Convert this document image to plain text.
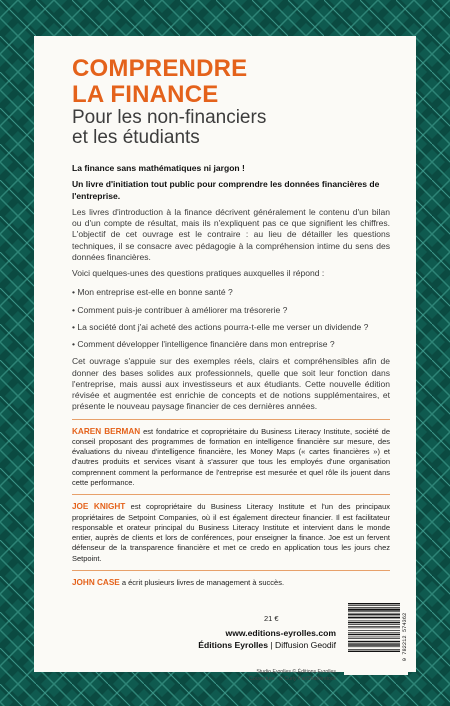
COMPRENDRE
LA FINANCE
Pour les non-financiers
et les étudiants

La finance sans mathématiques ni jargon !

Un livre d'initiation tout public pour comprendre les données financières de l'entreprise.

Les livres d'introduction à la finance décrivent généralement le contenu d'un bilan ou d'un compte de résultat, mais ils n'expliquent pas ce que signifient les chiffres. L'objectif de cet ouvrage est le contraire : au lieu de détailler les questions techniques, il se consacre avec pédagogie à la compréhension intime du sens des données financières.

Voici quelques-unes des questions pratiques auxquelles il répond :

• Mon entreprise est-elle en bonne santé ?

• Comment puis-je contribuer à améliorer ma trésorerie ?

• La société dont j'ai acheté des actions pourra-t-elle me verser un dividende ?

• Comment développer l'intelligence financière dans mon entreprise ?

Cet ouvrage s'appuie sur des exemples réels, clairs et compréhensibles afin de donner des bases solides aux professionnels, quelle que soit leur fonction dans l'entreprise, mais aussi aux investisseurs et aux étudiants. Cette nouvelle édition révisée et augmentée est enrichie de concepts et de notions supplémentaires, et présente le nouveau paysage financier de ces dernières années.

KAREN BERMAN est fondatrice et copropriétaire du Business Literacy Institute, société de conseil proposant des programmes de formation en intelligence financière sur mesure, des évaluations du niveau d'intelligence financière, les Money Maps (« cartes financières ») et d'autres produits et services visant à s'assurer que tous les employés d'une organisation comprennent comment la performance de l'entreprise est mesurée et quel rôle ils jouent dans cette performance.

JOE KNIGHT est copropriétaire du Business Literacy Institute et l'un des principaux propriétaires de Setpoint Companies, où il est également directeur financier. Il est facilitateur responsable et orateur principal du Business Literacy Institute et intervient dans le monde entier, auprès de clients et lors de conférences, pour enseigner la finance. Joe est un fervent défenseur de la transparence financière et met ce credo en application tous les jours chez Setpoint.

JOHN CASE a écrit plusieurs livres de management à succès.

21 €
www.editions-eyrolles.com
Éditions Eyrolles | Diffusion Geodif
Studio Eyrolles © Éditions Eyrolles
Couverture : © Curly Pat/Shutterstock
9 782212 574362
